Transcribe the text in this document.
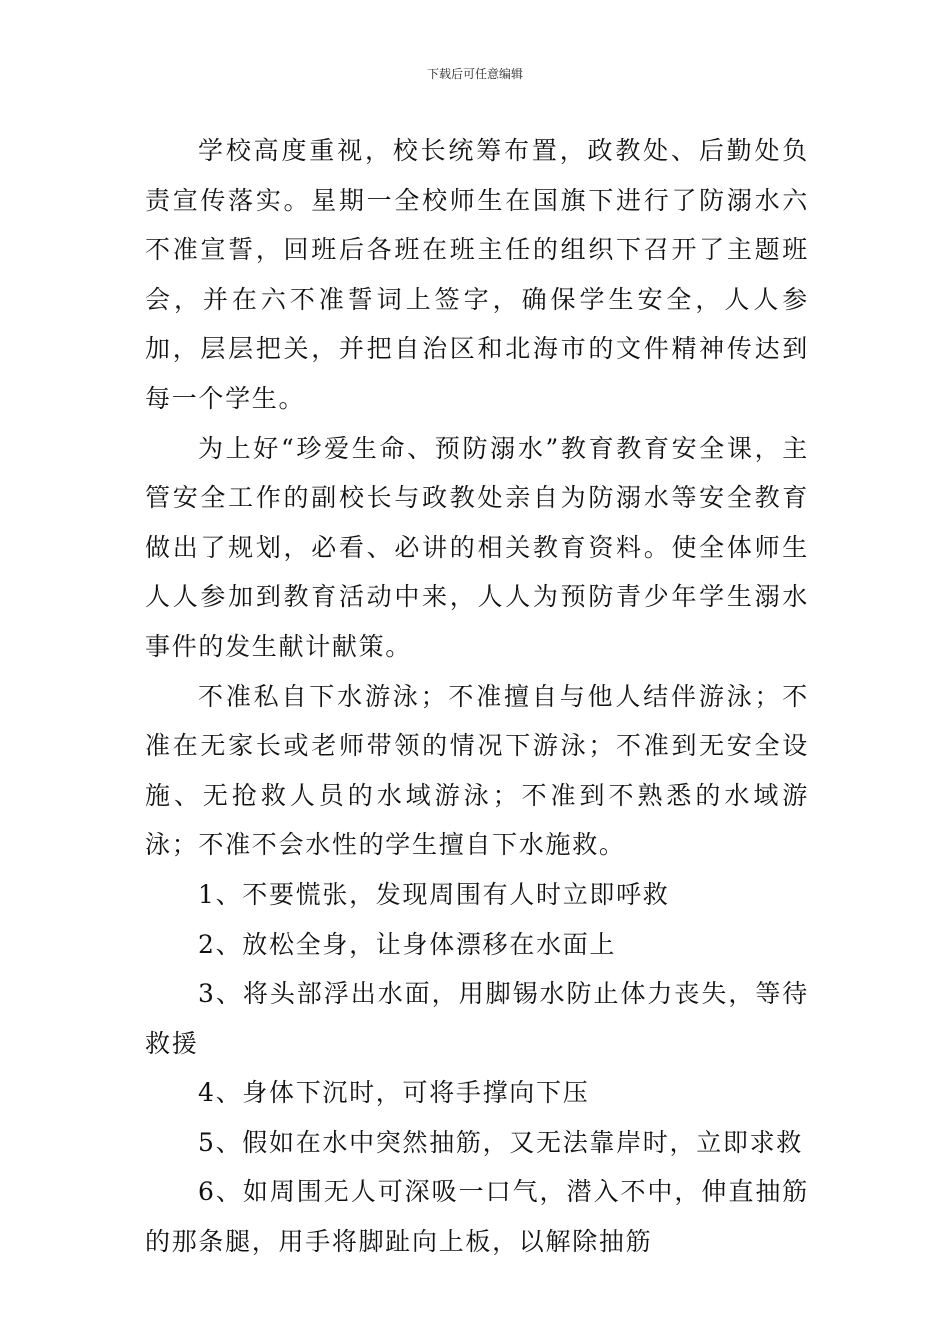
下载后可任意编辑

学校高度重视，校长统筹布置，政教处、后勤处负责宣传落实。星期一全校师生在国旗下进行了防溺水六不准宣誓，回班后各班在班主任的组织下召开了主题班会，并在六不准誓词上签字，确保学生安全，人人参加，层层把关，并把自治区和北海市的文件精神传达到每一个学生。

为上好“珍爱生命、预防溺水”教育教育安全课，主管安全工作的副校长与政教处亲自为防溺水等安全教育做出了规划，必看、必讲的相关教育资料。使全体师生人人参加到教育活动中来，人人为预防青少年学生溺水事件的发生献计献策。

不准私自下水游泳；不准擅自与他人结伴游泳；不准在无家长或老师带领的情况下游泳；不准到无安全设施、无抢救人员的水域游泳；不准到不熟悉的水域游泳；不准不会水性的学生擅自下水施救。

1、不要慌张，发现周围有人时立即呼救

2、放松全身，让身体漂移在水面上

3、将头部浮出水面，用脚锡水防止体力丧失，等待救援

4、身体下沉时，可将手撑向下压

5、假如在水中突然抽筋，又无法靠岸时，立即求救

6、如周围无人可深吸一口气，潜入不中，伸直抽筋的那条腿，用手将脚趾向上板，以解除抽筋
